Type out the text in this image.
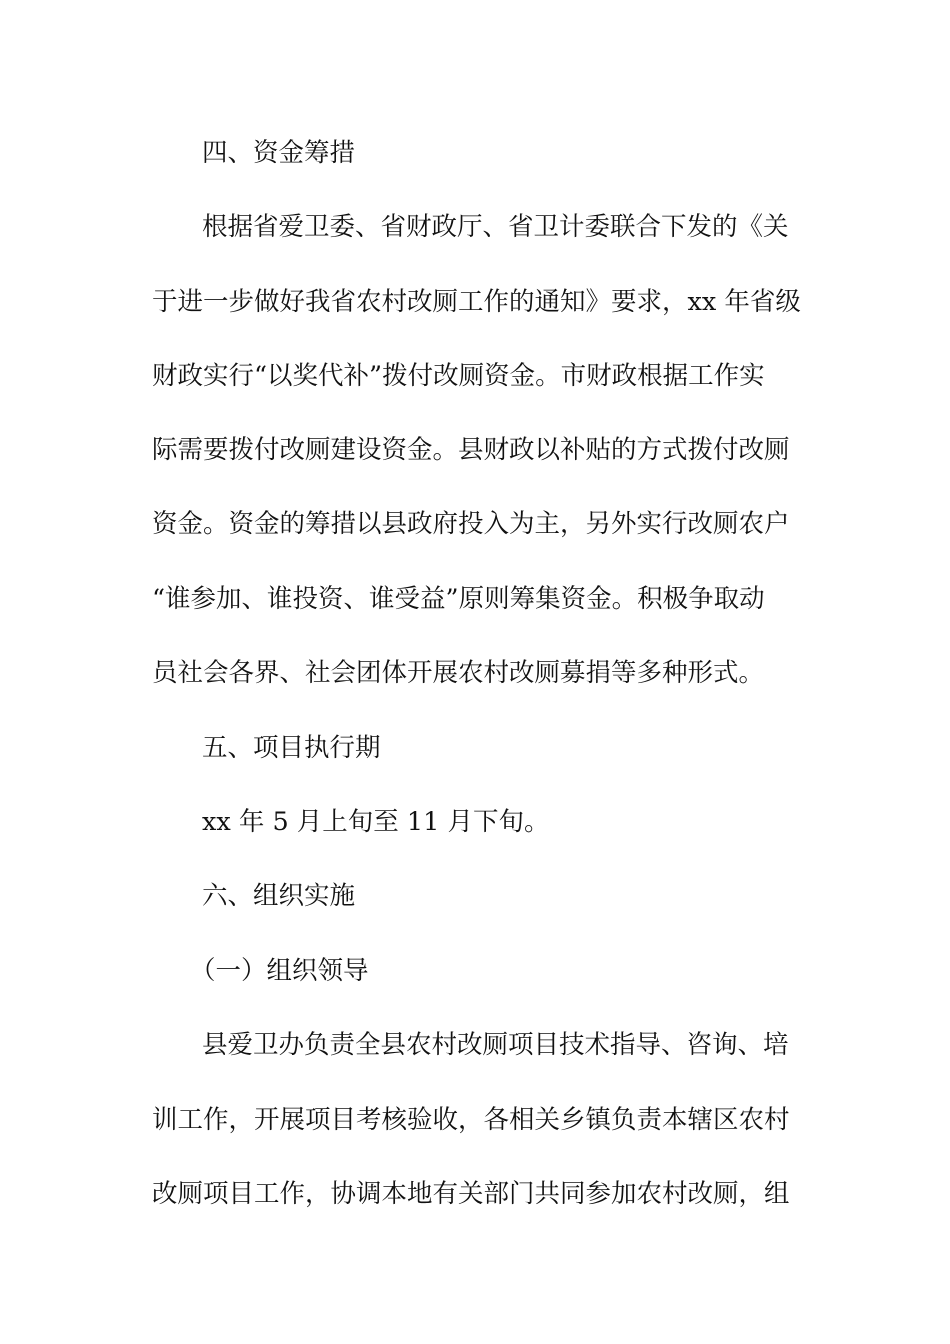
四、资金筹措
根据省爱卫委、省财政厅、省卫计委联合下发的《关
于进一步做好我省农村改厕工作的通知》要求，xx 年省级
财政实行“以奖代补”拨付改厕资金。市财政根据工作实
际需要拨付改厕建设资金。县财政以补贴的方式拨付改厕
资金。资金的筹措以县政府投入为主，另外实行改厕农户
“谁参加、谁投资、谁受益”原则筹集资金。积极争取动
员社会各界、社会团体开展农村改厕募捐等多种形式。
五、项目执行期
xx 年 5 月上旬至 11 月下旬。
六、组织实施
（一）组织领导
县爱卫办负责全县农村改厕项目技术指导、咨询、培
训工作，开展项目考核验收，各相关乡镇负责本辖区农村
改厕项目工作，协调本地有关部门共同参加农村改厕，组
